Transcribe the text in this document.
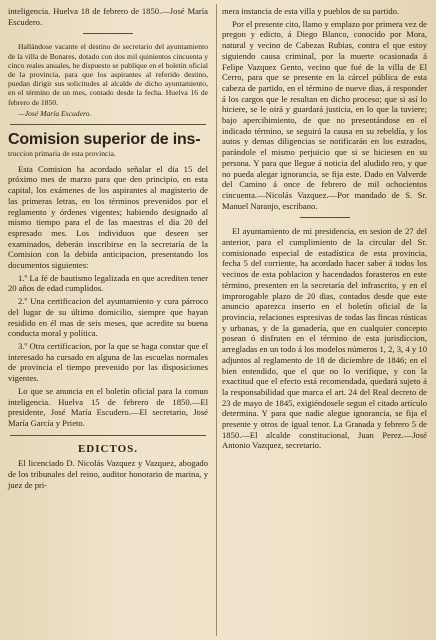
inteligencia. Huelva 18 de febrero de 1850.—José María Escudero.

Hallándose vacante el destino de secretario del ayuntamiento de la villa de Bonares, dotado con dos mil quinientos cincuenta y cinco reales anuales, he dispuesto se publique en el boletín oficial de la provincia, para que los aspirantes al referido destino, puedan dirigir sus solicitudes al alcalde de dicho ayuntamiento, en el término de un mes, contado desde la fecha. Huelva 16 de febrero de 1850.

—José María Escudero.

Comision superior de ins-

truccion primaria de esta provincia.

Esta Comision ha acordado señalar el dia 15 del próximo mes de marzo para que den principio, en esta capital, los exámenes de los aspirantes al magisterio de las primeras letras, en los términos prevenidos por el reglamento y órdenes vigentes; habiendo designado al mismo tiempo para el de las maestras el dia 20 del espresado mes. Los individuos que deseen ser examinados, deberán inscribirse en la secretaría de la Comision con la debida anticipacion, presentando los documentos siguientes:

1.º La fé de bautismo legalizada en que acrediten tener 20 años de edad cumplidos.

2.º Una certificacion del ayuntamiento y cura párroco del lugar de su último domicilio, siempre que hayan residido en él mas de seis meses, que acredite su buena conducta moral y política.

3.º Otra certificacion, por la que se haga constar que el interesado ha cursado en alguna de las escuelas normales de provincia el tiempo prevenido por las disposiciones vigentes.

Lo que se anuncia en el boletín oficial para la comun inteligencia. Huelva 15 de febrero de 1850.—El presidente, José María Escudero.—El secretario, José María García y Prieto.

EDICTOS.

El licenciado D. Nicolás Vazquez y Vazquez, abogado de los tribunales del reino, auditor honorario de marina, y juez de pri-

mera instancia de esta villa y pueblos de su partido.

Por el presente cito, llamo y emplazo por primera vez de pregon y edicto, á Diego Blanco, conocido por Mora, natural y vecino de Cabezas Rubias, contra el que estoy siguiendo causa criminal, por la muerte ocasionada á Felipe Vazquez Gento, vecino que fué de la villa de El Cerro, para que se presente en la cárcel pública de esta cabeza de partido, en el término de nueve dias, á responder á los cargos que le resultan en dicho proceso; que si así lo hiciere, se le oirá y guardará justicia, en lo que la tuviere; bajo apercibimiento, de que no presentándose en el indicado término, se seguirá la causa en su rebeldía, y los autos y demas diligencias se notificarán en los estrados, parándole el mismo perjuicio que si se hiciesen en su persona. Y para que llegue á noticia del aludido reo, y que no pueda alegar ignorancia, se fija este. Dado en Valverde del Camino á once de febrero de mil ochocientos cincuenta.—Nicolás Vazquez.—Por mandado de S. Sr. Manuel Naranjo, escribano.

El ayuntamiento de mi presidencia, en sesion de 27 del anterior, para el cumplimiento de la circular del Sr. comisionado especial de estadística de esta provincia, fecha 5 del corriente, ha acordado hacer saber á todos los vecinos de esta poblacion y hacendados forasteros en este término, presenten en la secretaría del infrascrito, y en el improrogable plazo de 20 dias, contados desde que este anuncio aparezca inserto en el boletín oficial de la provincia, relaciones espresivas de todas las fincas rústicas y urbanas, y de la ganadería, que en cualquier concepto posean ó disfruten en el término de esta jurisdiccion, arregladas en un todo á los modelos números 1, 2, 3, 4 y 10 adjuntos al reglamento de 18 de diciembre de 1846; en el bien entendido, que el que no lo verifique, y con la exactitud que el efecto está recomendada, quedará sujeto á la responsabilidad que marca el art. 24 del Real decreto de 23 de mayo de 1845, exigiéndosele segun el citado artículo determina. Y para que nadie alegue ignorancia, se fija el presente y otros de igual tenor. La Granada y febrero 5 de 1850.—El alcalde constitucional, Juan Perez.—José Antonio Vazquez, secretario.
